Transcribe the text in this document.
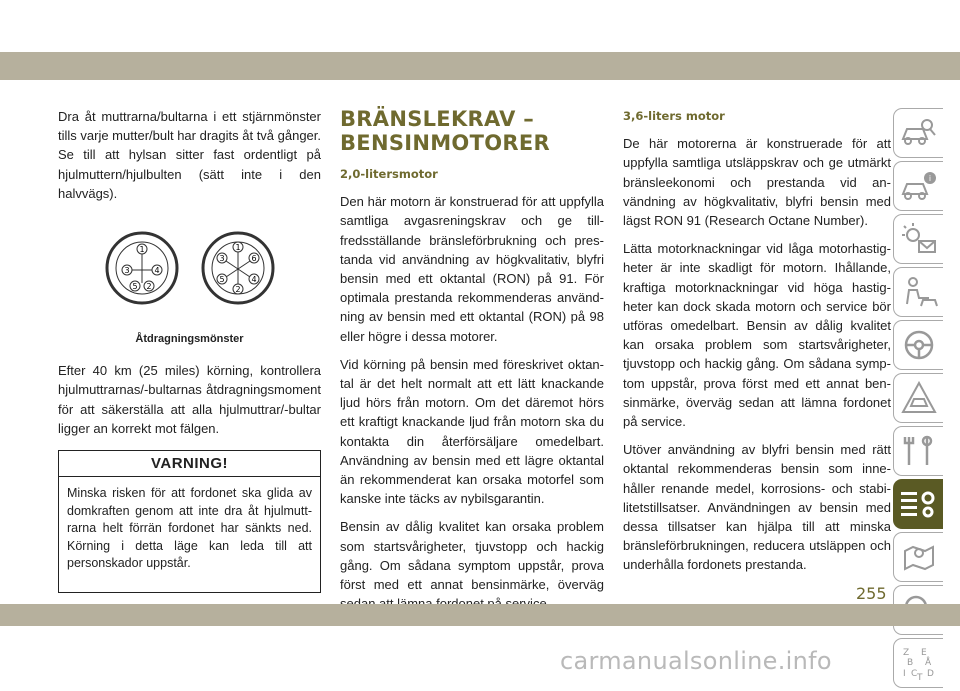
Dra åt muttrarna/bultarna i ett stjärnmönster tills varje mutter/bult har dragits åt två gånger. Se till att hylsan sitter fast ordentligt på hjulmuttern/hjulbulten (sätt inte i den halvvägs).

1
4
3
2
5
1
6
4
2
5
3
Åtdragningsmönster

Efter 40 km (25 miles) körning, kontrollera hjulmuttrarnas/-bultarnas åtdragningsmoment för att säkerställa att alla hjulmuttrar/-bultar ligger an korrekt mot fälgen.

VARNING!

Minska risken för att fordonet ska glida av domkraften genom att inte dra åt hjulmuttrarna helt förrän fordonet har sänkts ned. Körning i detta läge kan leda till att personskador uppstår.

BRÄNSLEKRAV – BENSINMOTORER
2,0-litersmotor

Den här motorn är konstruerad för att uppfylla samtliga avgasreningskrav och ge tillfredsställande bränsleförbrukning och prestanda vid användning av högkvalitativ, blyfri bensin med ett oktantal (RON) på 91. För optimala prestanda rekommenderas användning av bensin med ett oktantal (RON) på 98 eller högre i dessa motorer.

Vid körning på bensin med föreskrivet oktantal är det helt normalt att ett lätt knackande ljud hörs från motorn. Om det däremot hörs ett kraftigt knackande ljud från motorn ska du kontakta din återförsäljare omedelbart. Användning av bensin med ett lägre oktantal än rekommenderat kan orsaka motorfel som kanske inte täcks av nybilsgarantin.

Bensin av dålig kvalitet kan orsaka problem som startsvårigheter, tjuvstopp och hackig gång. Om sådana symptom uppstår, prova först med ett annat bensinmärke, överväg

3,6-liters motor

De här motorerna är konstruerade för att uppfylla samtliga utsläppskrav och ge utmärkt bränsleekonomi och prestanda vid användning av högkvalitativ, blyfri bensin med lägst RON 91 (Research Octane Number).

Lätta motorknackningar vid låga motorhastigheter är inte skadligt för motorn. Ihållande, kraftiga motorknackningar vid höga hastigheter kan dock skada motorn och service bör utföras omedelbart. Bensin av dålig kvalitet kan orsaka problem som startsvårigheter, tjuvstopp och hackig gång. Om sådana symptom uppstår, prova först med ett annat bensinmärke, överväg sedan att lämna fordonet på service.

Utöver användning av blyfri bensin med rätt oktantal rekommenderas bensin som innehåller renande medel, korrosions- och stabilitetstillsatser. Användningen av bensin med dessa tillsatser kan hjälpa till att minska bränsleförbrukningen, reducera utsläppen och underhålla fordonets prestanda.

i
Z E
B Å
I C D
T
255
carmanualsonline.info
